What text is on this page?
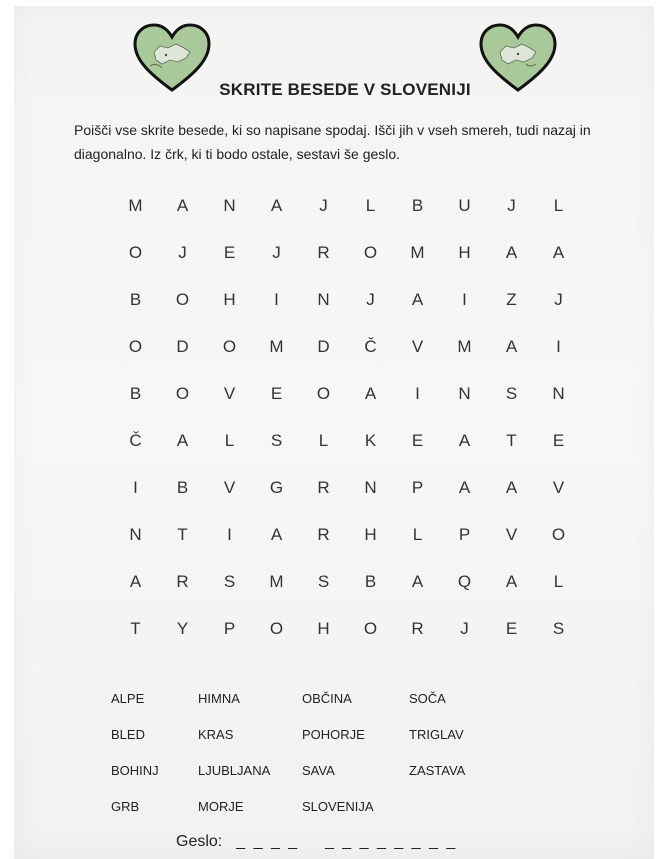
SKRITE BESEDE V SLOVENIJI
Poišči vse skrite besede, ki so napisane spodaj. Išči jih v vseh smereh, tudi nazaj in diagonalno. Iz črk, ki ti bodo ostale, sestavi še geslo.
M	A	N	A	J	L	B	U	J	L
O	J	E	J	R	O	M	H	A	A
B	O	H	I	N	J	A	I	Z	J
O	D	O	M	D	Č	V	M	A	I
B	O	V	E	O	A	I	N	S	N
Č	A	L	S	L	K	E	A	T	E
I	B	V	G	R	N	P	A	A	V
N	T	I	A	R	H	L	P	V	O
A	R	S	M	S	B	A	Q	A	L
T	Y	P	O	H	O	R	J	E	S
ALPE	HIMNA	OBČINA	SOČA
BLED	KRAS	POHORJE	TRIGLAV
BOHINJ	LJUBLJANA	SAVA	ZASTAVA
GRB	MORJE	SLOVENIJA
Geslo: _ _ _ _    _ _ _ _ _ _ _ _
